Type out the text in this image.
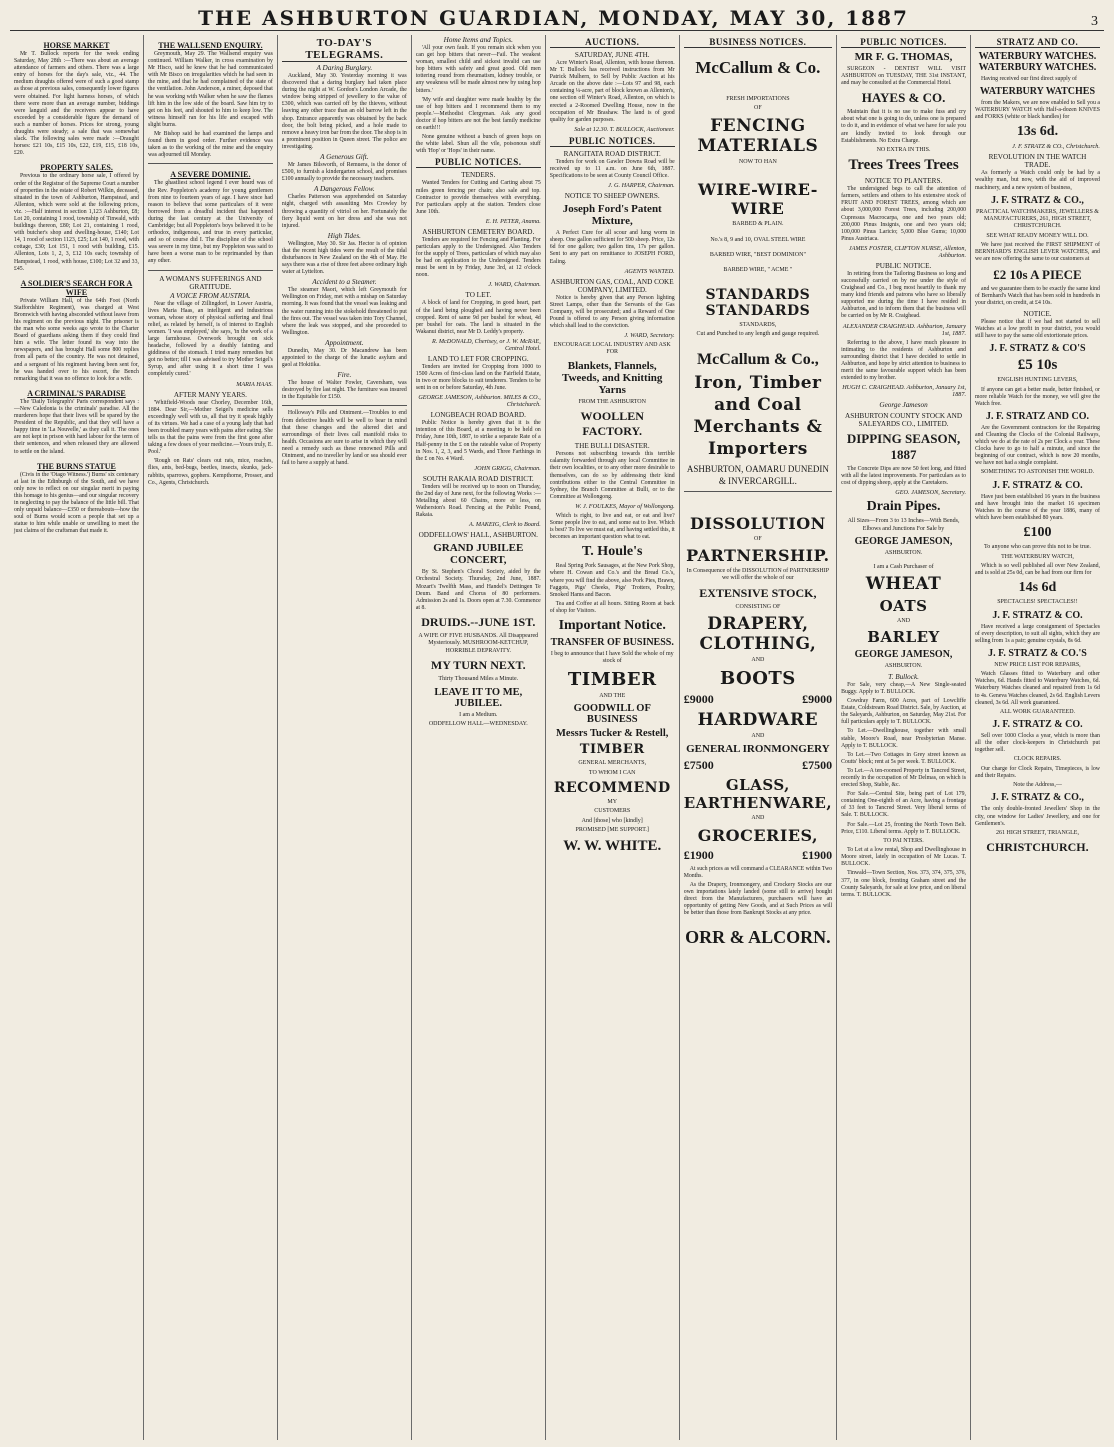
THE ASHBURTON GUARDIAN, MONDAY, MAY 30, 1887	3
HORSE MARKET
Mr T. Bullock reports for the week ending Saturday, May 28th :—There was about an average attendance of farmers and others. There was a large entry of horses for the day's sale, viz., 44. The medium draughts offered were of such a good stamp as those at previous sales, consequently lower figures were obtained. For light harness horses, of which there were more than an average number, biddings were languid and the receivers appear to have exceeded by a considerable figure the demand of such a number of horses. Prices for strong, young draughts were steady; a sale that was somewhat slack. The following sales were made :—Draught horses: £21 10s, £15 10s, £22, £19, £15, £18 10s, £20.
PROPERTY SALES.
Previous to the ordinary horse sale, I offered by order of the Registrar of the Supreme Court a number of properties in the estate of Robert Wilkin, deceased, situated in the town of Ashburton, Hampstead, and Allenton, which were sold at the following prices, viz. :—Half interest in section 1,123 Ashburton, £8; Lot 20, containing 1 rood, township of Tinwald, with buildings thereon, £80; Lot 21, containing 1 rood, with butcher's shop and dwelling-house, £140; Lot 14, 1 rood of section 1123, £25; Lot 140, 1 rood, with cottage, £30; Lot 151, 1 rood with building, £15. Allenton, Lots 1, 2, 3, £12 10s each; township of Hampstead, 1 rood, with house, £100; Lot 32 and 33, £45.
A SOLDIER'S SEARCH FOR A WIFE
Private William Hall, of the 64th Foot (North Staffordshire Regiment), was charged at West Bromwich with having absconded without leave from his regiment on the previous night. The prisoner is the man who some weeks ago wrote to the Charter Board of guardians asking them if they could find him a wife. The letter found its way into the newspapers, and has brought Hall some 800 replies from all parts of the country. He was not detained, and a sergeant of his regiment having been sent for, he was handed over to his escort, the Bench remarking that it was no offence to look for a wife.
A CRIMINAL'S PARADISE
The 'Daily Telegraph's' Paris correspondent says :—New Caledonia is the criminals' paradise. All the murderers hope that their lives will be spared by the President of the Republic, and that they will have a happy time in 'La Nouvelle,' as they call it. The ones are not kept in prison with hard labour for the term of their sentences, and when released they are allowed to settle on the island.
THE BURNS STATUE
(Civis in the 'Otago Witness.') Burns' six centenary at last in the Edinburgh of the South, and we have only now to reflect on our singular merit in paying this homage to his genius—and our singular recovery in neglecting to pay the balance of the little bill. That only unpaid balance—£350 or thereabouts—how the soul of Burns would scorn a people that set up a statue to him while unable or unwilling to meet the just claims of the craftsman that made it.
THE WALLSEND ENQUIRY.
Greymouth, May 29. The Wallsend enquiry was continued. William Walker, in cross examination by Mr Hisco, said he knew that he had communicated with Mr Bisco on irregularities which he had seen in the mine, and that he had complained of the state of the ventilation. John Anderson, a miner, deposed that he was working with Walker when he saw the flames lift him in the low side of the board. Saw him try to get on his feet, and shouted to him to keep low. The witness himself ran for his life and escaped with slight burns.
Mr Bishop said he had examined the lamps and found them in good order. Further evidence was taken as to the working of the mine and the enquiry was adjourned till Monday.
A SEVERE DOMINIE.
The ghastliest school legend I ever heard was of the Rev. Poppleton's academy for young gentlemen from nine to fourteen years of age. I have since had reason to believe that some particulars of it were borrowed from a dreadful incident that happened during the last century at the University of Cambridge; but all Poppleton's boys believed it to be orthodox, indigenous, and true in every particular, and so of course did I. The discipline of the school was severe in my time, but my Poppleton was said to have been a worse man to be reprimanded by than any other.
A WOMAN'S SUFFERINGS AND GRATITUDE.
A VOICE FROM AUSTRIA.
Near the village of Zillingdorf, in Lower Austria, lives Maria Haas, an intelligent and industrious woman, whose story of physical suffering and final relief, as related by herself, is of interest to English women. 'I was employed,' she says, 'in the work of a large farmhouse. Overwork brought on sick headache, followed by a deathly fainting and giddiness of the stomach. I tried many remedies but got no better; till I was advised to try Mother Seigel's Syrup, and after using it a short time I was completely cured.'
MARIA HAAS.
AFTER MANY YEARS.
'Whitfield-Woods near Chorley, December 16th, 1884. Dear Sir,—Mother Seigel's medicine sells exceedingly well with us, all that try it speak highly of its virtues. We had a case of a young lady that had been troubled many years with pains after eating. She tells us that the pains were from the first gone after taking a few doses of your medicine.—Yours truly, E. Pool.'
'Rough on Rats' clears out rats, mice, roaches, flies, ants, bed-bugs, beetles, insects, skunks, jack-rabbits, sparrows, gophers. Kempthorne, Prosser, and Co., Agents, Christchurch.
TO-DAY'S TELEGRAMS.
A Daring Burglary.
Auckland, May 30. Yesterday morning it was discovered that a daring burglary had taken place during the night at W. Gordon's London Arcade, the window being stripped of jewellery to the value of £300, which was carried off by the thieves, without leaving any other trace than an old barrow left in the shop. Entrance apparently was obtained by the back door, the bolt being picked, and a hole made to remove a heavy iron bar from the door. The shop is in a prominent position in Queen street. The police are investigating.
A Generous Gift.
Mr James Bilsworth, of Remuera, is the donor of £500, to furnish a kindergarten school, and promises £100 annually to provide the necessary teachers.
A Dangerous Fellow.
Charles Patterson was apprehended on Saturday night, charged with assaulting Mrs Crowley by throwing a quantity of vitriol on her. Fortunately the fiery liquid went on her dress and she was not injured.
High Tides.
Wellington, May 30. Sir Jas. Hector is of opinion that the recent high tides were the result of the tidal disturbances in New Zealand on the 4th of May. He says there was a rise of three feet above ordinary high water at Lyttelton.
Accident to a Steamer.
The steamer Maori, which left Greymouth for Wellington on Friday, met with a mishap on Saturday morning. It was found that the vessel was leaking and the water running into the stokehold threatened to put the fires out. The vessel was taken into Tory Channel, where the leak was stopped, and she proceeded to Wellington.
Appointment.
Dunedin, May 30. Dr Macandrew has been appointed to the charge of the lunatic asylum and gaol at Hokitika.
Fire.
The house of Walter Fowler, Caversham, was destroyed by fire last night. The furniture was insured in the Equitable for £150.
Holloway's Pills and Ointment.—Troubles to end from defective health will be well to bear in mind that these changes and the altered diet and surroundings of their lives call manifold risks to health. Occasions are sure to arise in which they will need a remedy such as these renowned Pills and Ointment, and no traveller by land or sea should ever fail to have a supply at hand.
Home Items and Topics.
'All your own fault. If you remain sick when you can get hop bitters that never—Fail. The weakest woman, smallest child and sickest invalid can use hop bitters with safety and great good. Old men tottering round from rheumatism, kidney trouble, or any weakness will be made almost new by using hop bitters.'
'My wife and daughter were made healthy by the use of hop bitters and I recommend them to my people.'—Methodist Clergyman. Ask any good doctor if hop bitters are not the best family medicine on earth!!!
None genuine without a bunch of green hops on the white label. Shun all the vile, poisonous stuff with 'Hop' or 'Hops' in their name.
PUBLIC NOTICES.
TENDERS.
Wanted Tenders for Cutting and Carting about 75 miles green fencing per chain; also sale and top. Contractor to provide themselves with everything. For particulars apply at the station. Tenders close June 10th.
E. H. PETER, Anama.
ASHBURTON CEMETERY BOARD.
Tenders are required for Fencing and Planting. For particulars apply to the Undersigned. Also Tenders for the supply of Trees, particulars of which may also be had on application to the Undersigned. Tenders must be sent in by Friday, June 3rd, at 12 o'clock noon.
J. WARD, Chairman.
TO LET.
A block of land for Cropping, in good heart, part of the land being ploughed and having never been cropped. Rent of same 9d per bushel for wheat, 4d per bushel for oats. The land is situated in the Wakanui district, near Mr D. Leddy's property.
R. McDONALD, Chertsey, or J. W. McRAE, Central Hotel.
LAND TO LET FOR CROPPING.
Tenders are invited for Cropping from 1000 to 1500 Acres of first-class land on the Fairfield Estate, in two or more blocks to suit tenderers. Tenders to be sent in on or before Saturday, 4th June.
GEORGE JAMESON, Ashburton. MILES & CO., Christchurch.
LONGBEACH ROAD BOARD.
Public Notice is hereby given that it is the intention of this Board, at a meeting to be held on Friday, June 10th, 1887, to strike a separate Rate of a Half-penny in the £ on the rateable value of Property in Nos. 1, 2, 3, and 5 Wards, and Three Farthings in the £ on No. 4 Ward.
JOHN GRIGG, Chairman.
SOUTH RAKAIA ROAD DISTRICT.
Tenders will be received up to noon on Thursday, the 2nd day of June next, for the following Works :—Metalling about 60 Chains, more or less, on Watherston's Road. Fencing at the Public Pound, Rakaia.
A. MAKEIG, Clerk to Board.
ODDFELLOWS' HALL, ASHBURTON.
GRAND JUBILEE CONCERT,
By St. Stephen's Choral Society, aided by the Orchestral Society. Thursday, 2nd June, 1887. Mozart's Twelfth Mass, and Handel's Dettingen Te Deum. Band and Chorus of 80 performers. Admission 2s and 1s. Doors open at 7.30. Commence at 8.
DRUIDS.--JUNE 1ST.
A WIFE OF FIVE HUSBANDS. All Disappeared Mysteriously. MUSHROOM-KETCHUP, HORRIBLE DEPRAVITY.
MY TURN NEXT.
Thirty Thousand Miles a Minute.
LEAVE IT TO ME, JUBILEE.
I am a Medium.
ODDFELLOW HALL—WEDNESDAY.
AUCTIONS.
SATURDAY, JUNE 4TH.
Acre Winter's Road, Allenton, with house thereon. Mr T. Bullock has received instructions from Mr Patrick Mulhern, to Sell by Public Auction at his Arcade on the above date :—Lots 97 and 98, each containing ¼-acre, part of block known as Allenton's, one section off Winter's Road, Allenton, on which is erected a 2-Roomed Dwelling House, now in the occupation of Mr Brashaw. The land is of good quality for garden purposes.
Sale at 12.30. T. BULLOCK, Auctioneer.
PUBLIC NOTICES.
RANGITATA ROAD DISTRICT.
Tenders for work on Gawler Downs Road will be received up to 11 a.m. on June 6th, 1887. Specifications to be seen at County Council Office.
J. G. HARPER, Chairman.
NOTICE TO SHEEP OWNERS.
Joseph Ford's Patent Mixture,
A Perfect Cure for all scour and lung worm in sheep. One gallon sufficient for 500 sheep. Price, 12s 6d for one gallon; two gallon tins, 17s per gallon. Sent to any part on remittance to JOSEPH FORD, Ealing.
AGENTS WANTED.
ASHBURTON GAS, COAL, AND COKE COMPANY, LIMITED.
Notice is hereby given that any Person lighting Street Lamps, other than the Servants of the Gas Company, will be prosecuted; and a Reward of One Pound is offered to any Person giving information which shall lead to the conviction.
J. WARD, Secretary.
ENCOURAGE LOCAL INDUSTRY AND ASK FOR
Blankets, Flannels, Tweeds, and Knitting Yarns
FROM THE ASHBURTON
WOOLLEN FACTORY.
THE BULLI DISASTER.
Persons not subscribing towards this terrible calamity forwarded through any local Committee in their own localities, or to any other more desirable to themselves, can do so by addressing their kind contributions either to the Central Committee in Sydney, the Branch Committee at Bulli, or to the Committee at Wollongong.
W. J. FOULKES, Mayor of Wollongong.
Which is right, to live and eat, or eat and live? Some people live to eat, and some eat to live. Which is best? To live we must eat, and having settled this, it becomes an important question what to eat.
T. Houle's
Real Spring Pork Sausages, at the New Pork Shop, where H. Cowan and Co.'s and the Bread Co.'s, where you will find the above, also Pork Pies, Brawn, Faggots, Pigs' Cheeks, Pigs' Trotters, Poultry, Smoked Hams and Bacon.
Tea and Coffee at all hours. Sitting Room at back of shop for Visitors.
Important Notice.
TRANSFER OF BUSINESS.
I beg to announce that I have Sold the whole of my stock of
TIMBER
AND THE
GOODWILL OF BUSINESS
Messrs Tucker & Restell,
TIMBER
GENERAL MERCHANTS,
TO WHOM I CAN
RECOMMEND
MY
CUSTOMERS
And [those] who [kindly]
PROMISED [ME SUPPORT.]
W. W. WHITE.
BUSINESS NOTICES.
McCallum & Co.
FRESH IMPORTATIONS
OF
FENCING MATERIALS
NOW TO HAN
WIRE-WIRE-WIRE
BARBED & PLAIN.
No.'s 8, 9 and 10, OVAL STEEL WIRE
BARBED WIRE, "BEST DOMINION"
BARBED WIRE, " ACME "
STANDARDS STANDARDS
STANDARDS,
Cut and Punched to any length and gauge required.
McCallum & Co.,
Iron, Timber and Coal Merchants & Importers
ASHBURTON, OAMARU DUNEDIN & INVERCARGILL.
DISSOLUTION
OF
PARTNERSHIP.
In Consequence of the DISSOLUTION of PARTNERSHIP we will offer the whole of our
EXTENSIVE STOCK,
CONSISTING OF
DRAPERY, CLOTHING,
AND
BOOTS
£9000	£9000
HARDWARE
AND
GENERAL IRONMONGERY
£7500	£7500
GLASS, EARTHENWARE,
AND
GROCERIES,
£1900	£1900
At such prices as will command a CLEARANCE within Two Months.
As the Drapery, Ironmongery, and Crockery Stocks are our own importations lately landed (some still to arrive) bought direct from the Manufacturers, purchasers will have an opportunity of getting New Goods, and at Such Prices as will be better than those from Bankrupt Stocks at any price.
ORR & ALCORN.
PUBLIC NOTICES.
MR F. G. THOMAS,
SURGEON - DENTIST WILL VISIT ASHBURTON on TUESDAY, THE 31st INSTANT, and may be consulted at the Commercial Hotel.
HAYES & CO.
Maintain that it is no use to make fuss and cry about what one is going to do, unless one is prepared to do it, and in evidence of what we have for sale you are kindly invited to look through our Establishments. No Extra Charge.
NO EXTRA IN THIS.
Trees Trees Trees
NOTICE TO PLANTERS.
The undersigned begs to call the attention of farmers, settlers and others to his extensive stock of FRUIT AND FOREST TREES, among which are about 3,000,000 Forest Trees, including 200,000 Cupressus Macrocarpa, one and two years old; 200,000 Pinus Insignis, one and two years old; 100,000 Pinus Laricio; 5,000 Blue Gums; 10,000 Pinus Austriaca.
JAMES FOSTER, CLIFTON NURSE, Allenton, Ashburton.
PUBLIC NOTICE.
In retiring from the Tailoring Business so long and successfully carried on by me under the style of Craighead and Co., I beg most heartily to thank my many kind friends and patrons who have so liberally supported me during the time I have resided in Ashburton, and to inform them that the business will be carried on by Mr R. Craighead.
ALEXANDER CRAIGHEAD. Ashburton, January 1st, 1887.
Referring to the above, I have much pleasure in intimating to the residents of Ashburton and surrounding district that I have decided to settle in Ashburton, and hope by strict attention to business to merit the same favourable support which has been extended to my brother.
HUGH C. CRAIGHEAD. Ashburton, January 1st, 1887.
George Jameson
ASHBURTON COUNTY STOCK AND SALEYARDS CO., LIMITED.
DIPPING SEASON, 1887
The Concrete Dips are now 50 feet long, and fitted with all the latest improvements. For particulars as to cost of dipping sheep, apply at the Caretakers.
GEO. JAMESON, Secretary.
Drain Pipes.
All Sizes—From 3 to 13 Inches—With Bends, Elbows and Junctions For Sale by
GEORGE JAMESON,
ASHBURTON.
I am a Cash Purchaser of
WHEAT
OATS
AND
BARLEY
GEORGE JAMESON,
ASHBURTON.
T. Bullock.
For Sale, very cheap,—A New Single-seated Buggy. Apply to T. BULLOCK.
Cowdray Farm, 600 Acres, part of Lowcliffe Estate, Coldstream Road District. Sale, by Auction, at the Saleyards, Ashburton, on Saturday, May 21st. For full particulars apply to T. BULLOCK.
To Let.—Dwellinghouse, together with small stable, Moore's Road, near Presbyterian Manse. Apply to T. BULLOCK.
To Let.—Two Cottages in Grey street known as Coutts' block; rent at 5s per week. T. BULLOCK.
To Let.—A ten-roomed Property in Tancred Street, recently in the occupation of Mr Delmas, on which is erected Shop, Stable, &c.
For Sale.—Central Site, being part of Lot 179, containing One-eighth of an Acre, having a frontage of 33 feet to Tancred Street. Very liberal terms of Sale. T. BULLOCK.
For Sale.—Lot 25, fronting the North Town Belt. Price, £110. Liberal terms. Apply to T. BULLOCK.
TO PAI NTERS.
To Let at a low rental, Shop and Dwellinghouse in Moore street, lately in occupation of Mr Lucas. T. BULLOCK.
Tinwald—Town Section, Nos. 373, 374, 375, 376, 377, in one block, fronting Graham street and the County Saleyards, for sale at low price, and on liberal terms. T. BULLOCK.
STRATZ AND CO.
WATERBURY WATCHES. WATERBURY WATCHES.
Having received our first direct supply of
WATERBURY WATCHES
from the Makers, we are now enabled to Sell you a WATERBURY WATCH with Half-a-dozen KNIVES and FORKS (white or black handles) for
13s 6d.
J. F. STRATZ & CO., Christchurch.
REVOLUTION IN THE WATCH TRADE.
As formerly a Watch could only be had by a wealthy man, but now, with the aid of improved machinery, and a new system of business,
J. F. STRATZ & CO.,
PRACTICAL WATCHMAKERS, JEWELLERS & MANUFACTURERS, 261, HIGH STREET, CHRISTCHURCH.
SEE WHAT READY MONEY WILL DO.
We have just received the FIRST SHIPMENT of BERNHARD'S ENGLISH LEVER WATCHES, and we are now offering the same to our customers at
£2 10s A PIECE
and we guarantee them to be exactly the same kind of Bernhard's Watch that has been sold in hundreds in your district, on credit, at £4 10s.
NOTICE.
Please notice that if we had not started to sell Watches at a low profit in your district, you would still have to pay the same old extortionate prices.
J. F. STRATZ & CO'S
£5 10s
ENGLISH HUNTING LEVERS,
If anyone can get a better made, better finished, or more reliable Watch for the money, we will give the Watch free.
J. F. STRATZ AND CO.
Are the Government contractors for the Repairing and Cleaning the Clocks of the Colonial Railways, which we do at the rate of 2s per Clock a year. These Clocks have to go to half a minute, and since the beginning of our contract, which is now 20 months, we have not had a single complaint.
SOMETHING TO ASTONISH THE WORLD.
J. F. STRATZ & CO.
Have just been established 16 years in the business and have brought into the market 16 specimen Watches in the course of the year 1886, many of which have been established 80 years.
£100
To anyone who can prove this not to be true.
THE WATERBURY WATCH,
Which is so well published all over New Zealand, and is sold at 25s 0d, can be had from our firm for
14s 6d
SPECTACLES! SPECTACLES!!
J. F. STRATZ & CO.
Have received a large consignment of Spectacles of every description, to suit all sights, which they are selling from 1s a pair; genuine crystals, 8s 6d.
J. F. STRATZ & CO.'S
NEW PRICE LIST FOR REPAIRS,
Watch Glasses fitted to Waterbury and other Watches, 6d. Hands fitted to Waterbury Watches, 6d. Waterbury Watches cleaned and repaired from 1s 6d to 4s. Geneva Watches cleaned, 2s 6d. English Levers cleaned, 3s 6d. All work guaranteed.
ALL WORK GUARANTEED.
J. F. STRATZ & CO.
Sell over 1000 Clocks a year, which is more than all the other clock-keepers in Christchurch put together sell.
CLOCK REPAIRS.
Our charge for Clock Repairs, Timepieces, is low and their Repairs.
Note the Address,—
J. F. STRATZ & CO.,
The only double-fronted Jewellers' Shop in the city, one window for Ladies' Jewellery, and one for Gentlemen's.
261 HIGH STREET, TRIANGLE,
CHRISTCHURCH.
